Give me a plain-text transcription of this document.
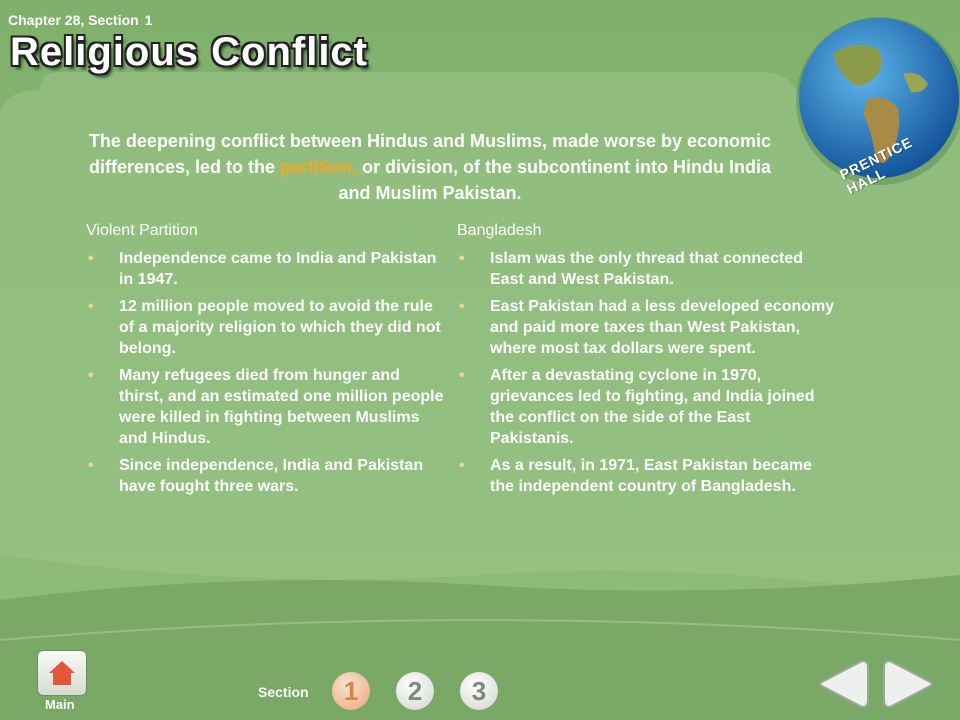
Chapter 28, Section 1
Religious Conflict
PRENTICE HALL
The deepening conflict between Hindus and Muslims, made worse by economic differences, led to the partition, or division, of the subcontinent into Hindu India and Muslim Pakistan.
Violent Partition
• Independence came to India and Pakistan in 1947.
• 12 million people moved to avoid the rule of a majority religion to which they did not belong.
• Many refugees died from hunger and thirst, and an estimated one million people were killed in fighting between Muslims and Hindus.
• Since independence, India and Pakistan have fought three wars.
Bangladesh
• Islam was the only thread that connected East and West Pakistan.
• East Pakistan had a less developed economy and paid more taxes than West Pakistan, where most tax dollars were spent.
• After a devastating cyclone in 1970, grievances led to fighting, and India joined the conflict on the side of the East Pakistanis.
• As a result, in 1971, East Pakistan became the independent country of Bangladesh.
Main
Section	1	2	3
